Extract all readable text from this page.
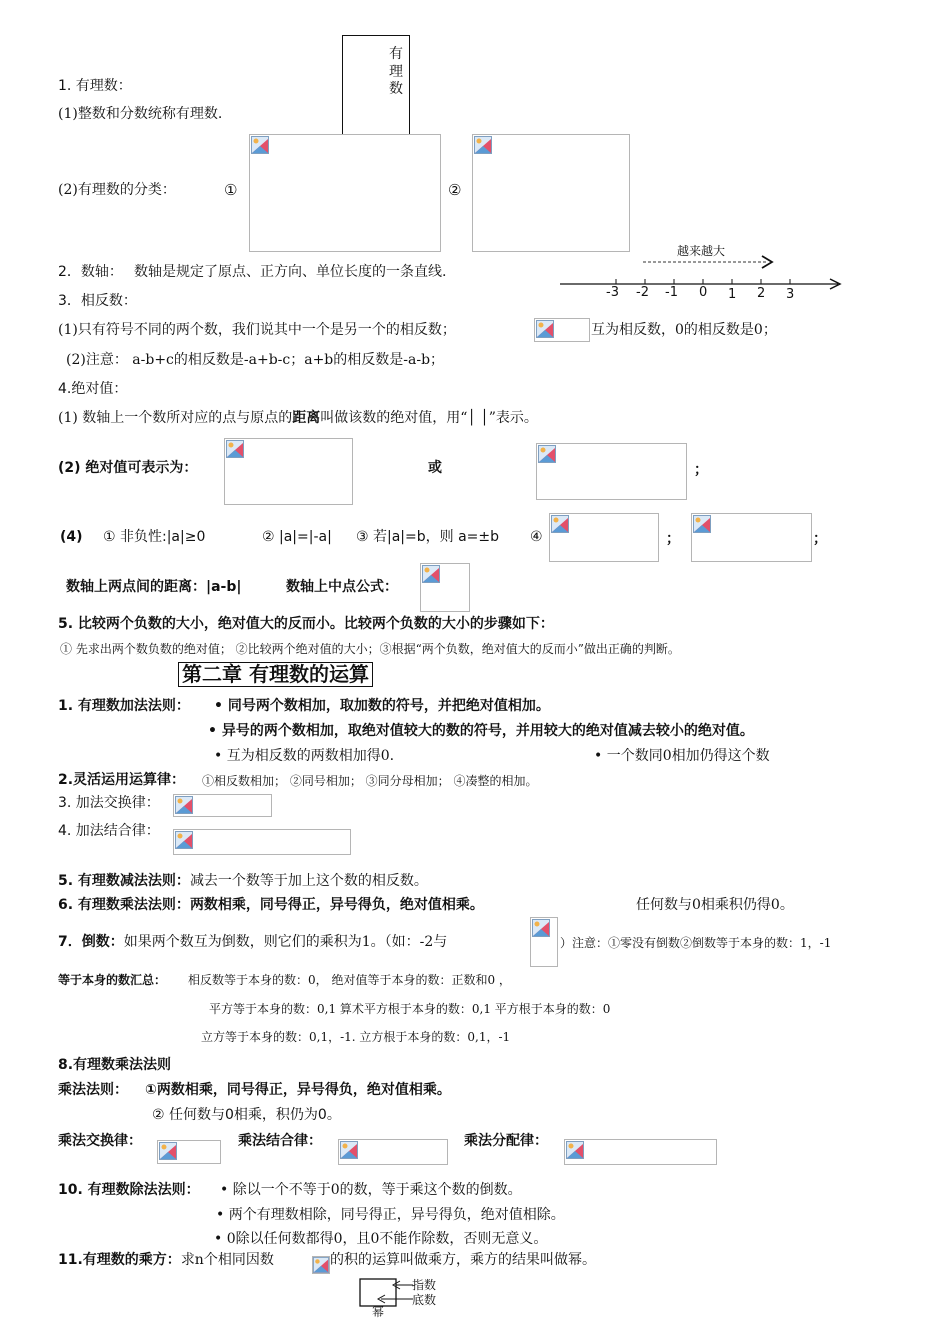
1. 有理数：
(1)整数和分数统称有理数.
有
理
数
(2)有理数的分类：	①	②
2．数轴： 数轴是规定了原点、正方向、单位长度的一条直线.
越来越大
-3 -2 -1 0 1 2 3
3．相反数：
(1)只有符号不同的两个数，我们说其中一个是另一个的相反数；	互为相反数，0的相反数是0；
(2)注意： a-b+c的相反数是-a+b-c；a+b的相反数是-a-b；
4.绝对值：
(1) 数轴上一个数所对应的点与原点的距离叫做该数的绝对值，用“│ │”表示。
(2) 绝对值可表示为：	或	；
(4) ① 非负性:|a|≥0	② |a|=|-a| ③ 若|a|=b，则 a=±b ④	；	；
数轴上两点间的距离：|a-b|	数轴上中点公式：
5. 比较两个负数的大小，绝对值大的反而小。比较两个负数的大小的步骤如下：
① 先求出两个数负数的绝对值； ②比较两个绝对值的大小；③根据“两个负数，绝对值大的反而小”做出正确的判断。
第二章 有理数的运算
1. 有理数加法法则： • 同号两个数相加，取加数的符号，并把绝对值相加。
• 异号的两个数相加，取绝对值较大的数的符号，并用较大的绝对值减去较小的绝对值。
• 互为相反数的两数相加得0.	• 一个数同0相加仍得这个数
2.灵活运用运算律： ①相反数相加； ②同号相加； ③同分母相加； ④凑整的相加。
3. 加法交换律：
4. 加法结合律：
5. 有理数减法法则：减去一个数等于加上这个数的相反数。
6. 有理数乘法法则：两数相乘，同号得正，异号得负，绝对值相乘。	任何数与0相乘积仍得0。
7．倒数：如果两个数互为倒数，则它们的乘积为1。（如：-2与	）注意：①零没有倒数②倒数等于本身的数：1，-1
等于本身的数汇总： 相反数等于本身的数：0， 绝对值等于本身的数：正数和0 ，
平方等于本身的数：0,1 算术平方根于本身的数：0,1 平方根于本身的数：0
立方等于本身的数：0,1，-1. 立方根于本身的数：0,1，-1
8.有理数乘法法则
乘法法则： ①两数相乘，同号得正，异号得负，绝对值相乘。
② 任何数与0相乘，积仍为0。
乘法交换律：	乘法结合律：	乘法分配律：
10. 有理数除法法则： • 除以一个不等于0的数，等于乘这个数的倒数。
• 两个有理数相除，同号得正，异号得负，绝对值相除。
• 0除以任何数都得0，且0不能作除数，否则无意义。
11.有理数的乘方：求n个相同因数	的积的运算叫做乘方，乘方的结果叫做幂。
指数
底数
幂
